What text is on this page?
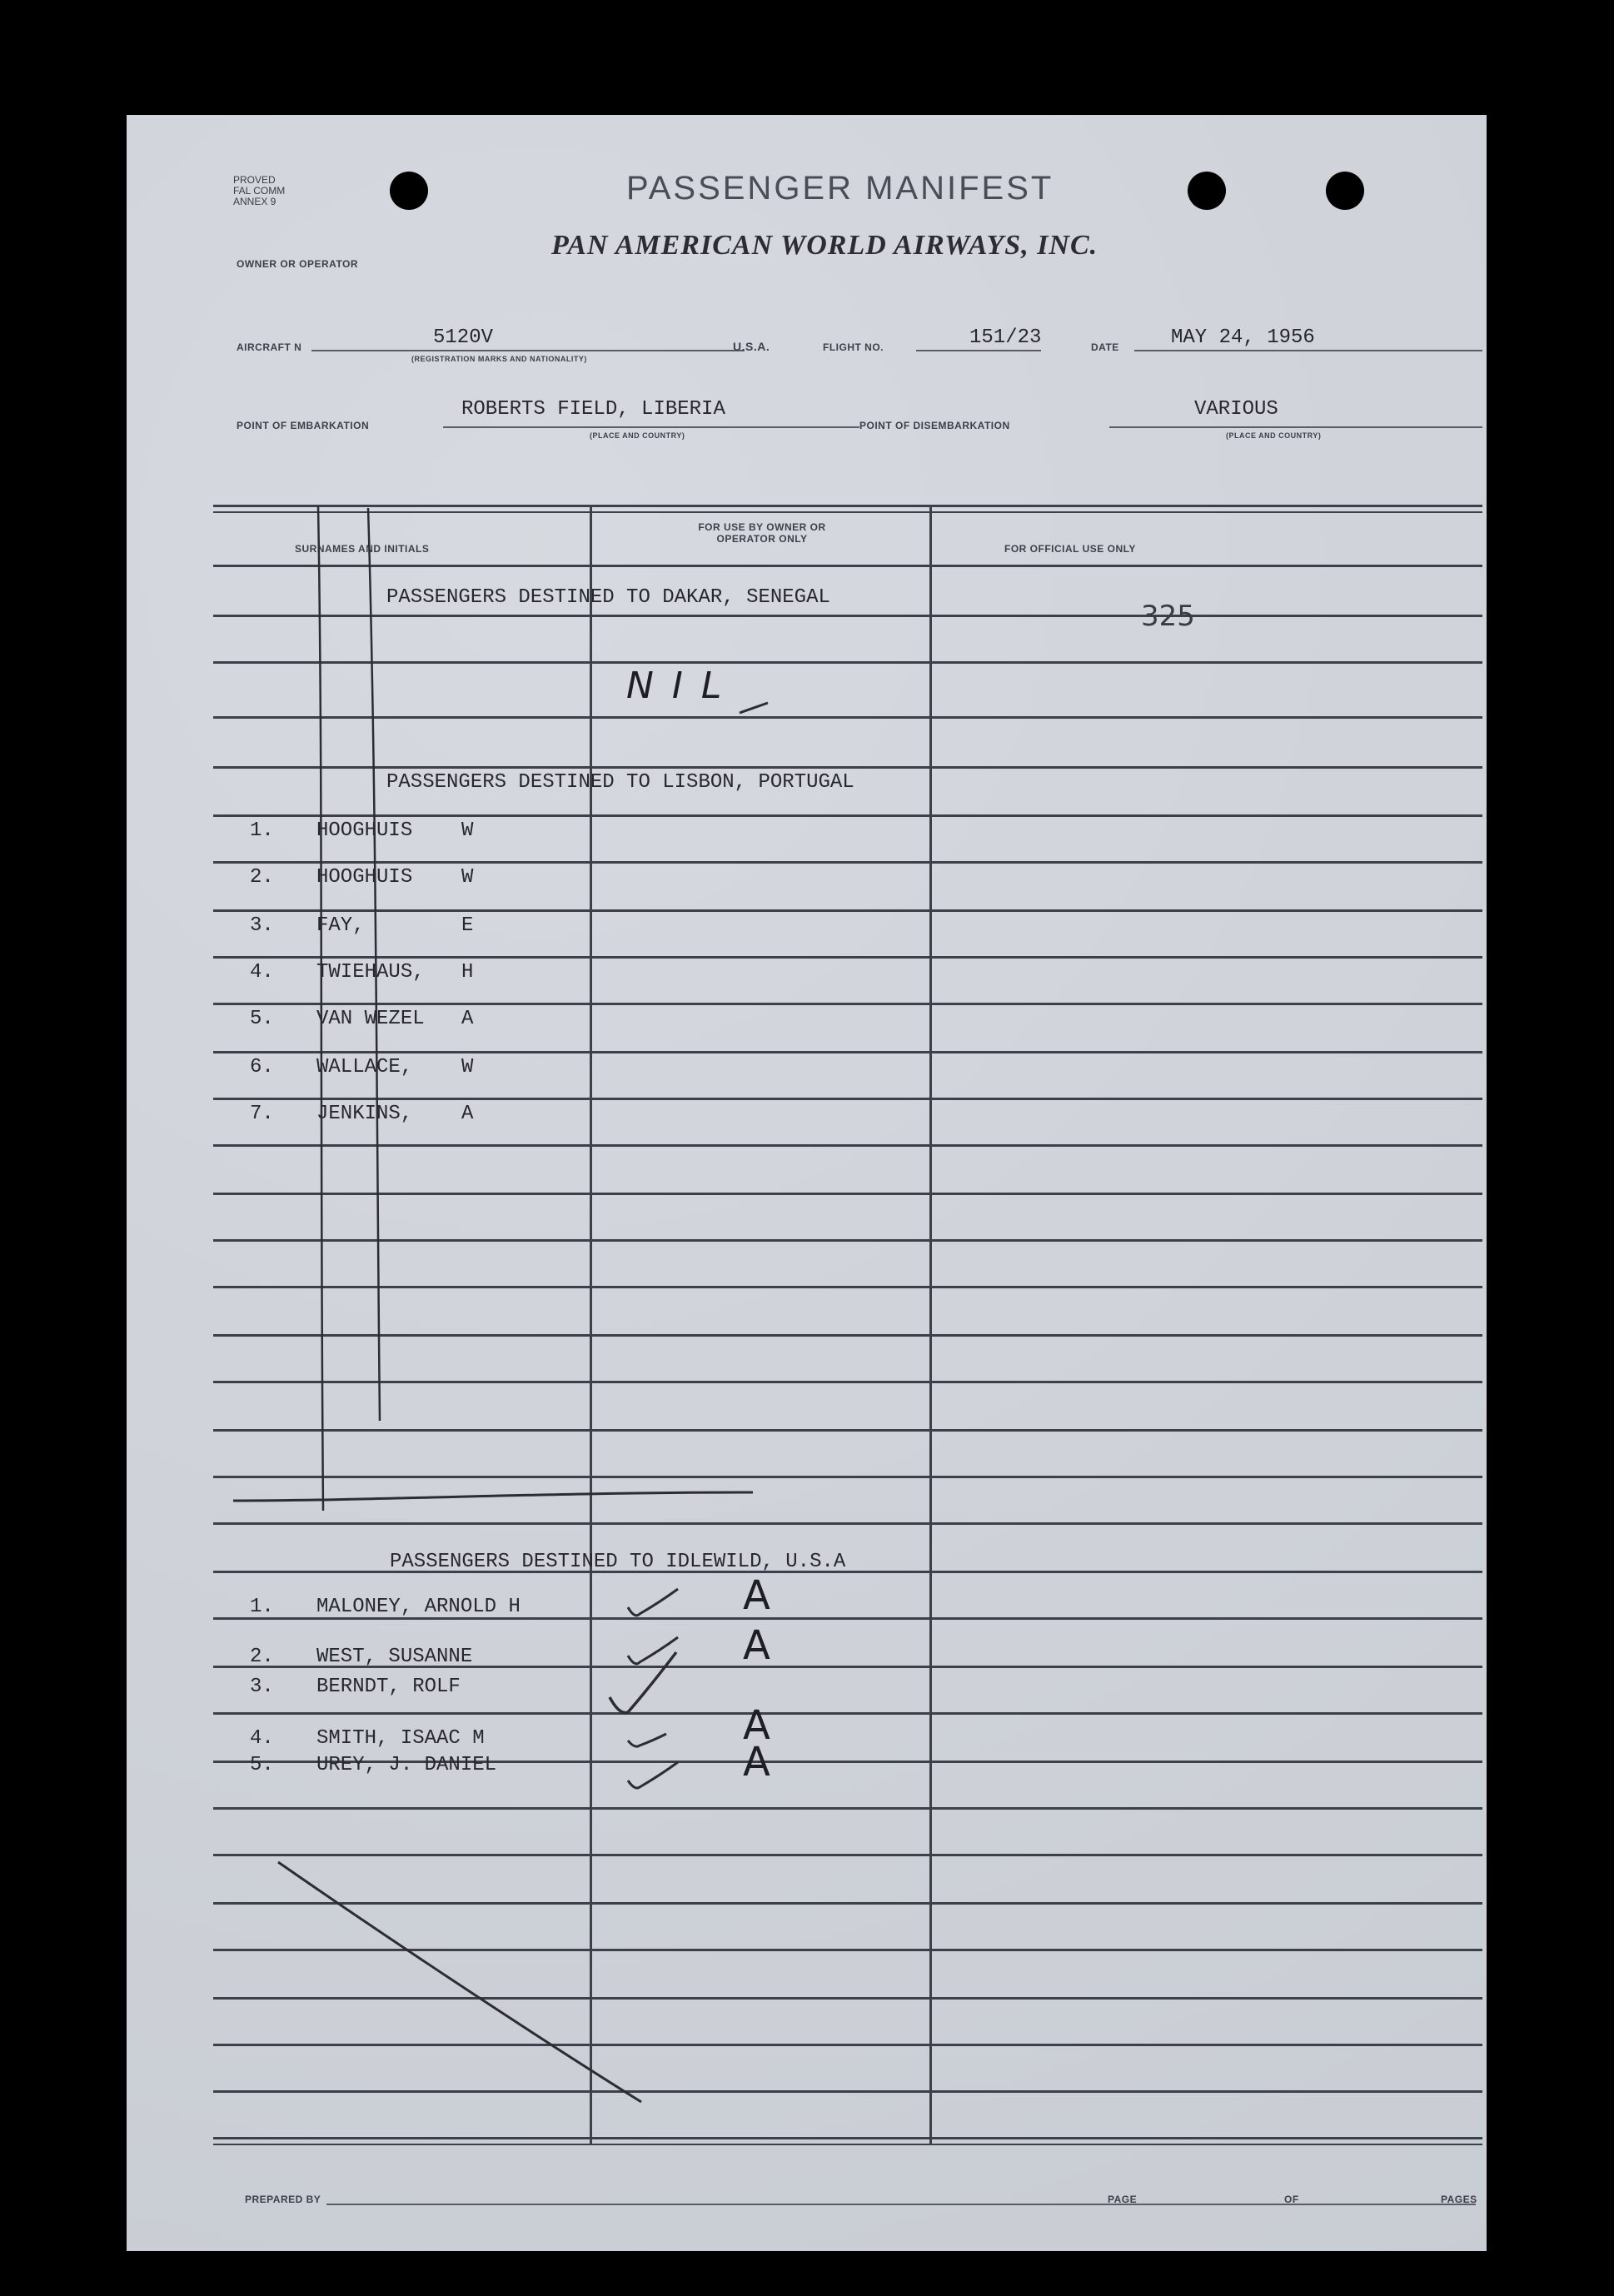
PROVED
FAL COMM
ANNEX 9	PASSENGER MANIFEST
OWNER OR OPERATOR
PAN AMERICAN WORLD AIRWAYS, INC.
AIRCRAFT N	5120V
(REGISTRATION MARKS AND NATIONALITY)
U.S.A.	FLIGHT NO.	151/23	DATE	MAY 24, 1956
POINT OF EMBARKATION
ROBERTS FIELD, LIBERIA
(PLACE AND COUNTRY)
POINT OF DISEMBARKATION
VARIOUS
(PLACE AND COUNTRY)
SURNAMES AND INITIALS
FOR USE BY OWNER OR OPERATOR ONLY
FOR OFFICIAL USE ONLY
325
PASSENGERS DESTINED TO DAKAR, SENEGAL
NIL
PASSENGERS DESTINED TO LISBON, PORTUGAL
1. HOOGHUIS W
2. HOOGHUIS W
3. FAY,	E
4. TWIEHAUS, H
5. VAN WEZEL A
6. WALLACE, W
7. JENKINS, A
PASSENGERS DESTINED TO IDLEWILD, U.S.A
1. MALONEY, ARNOLD H	A
2. WEST, SUSANNE	A
3. BERNDT, ROLF
4. SMITH, ISAAC M	A
5. UREY, J. DANIEL	A
PREPARED BY	PAGE	OF	PAGES
